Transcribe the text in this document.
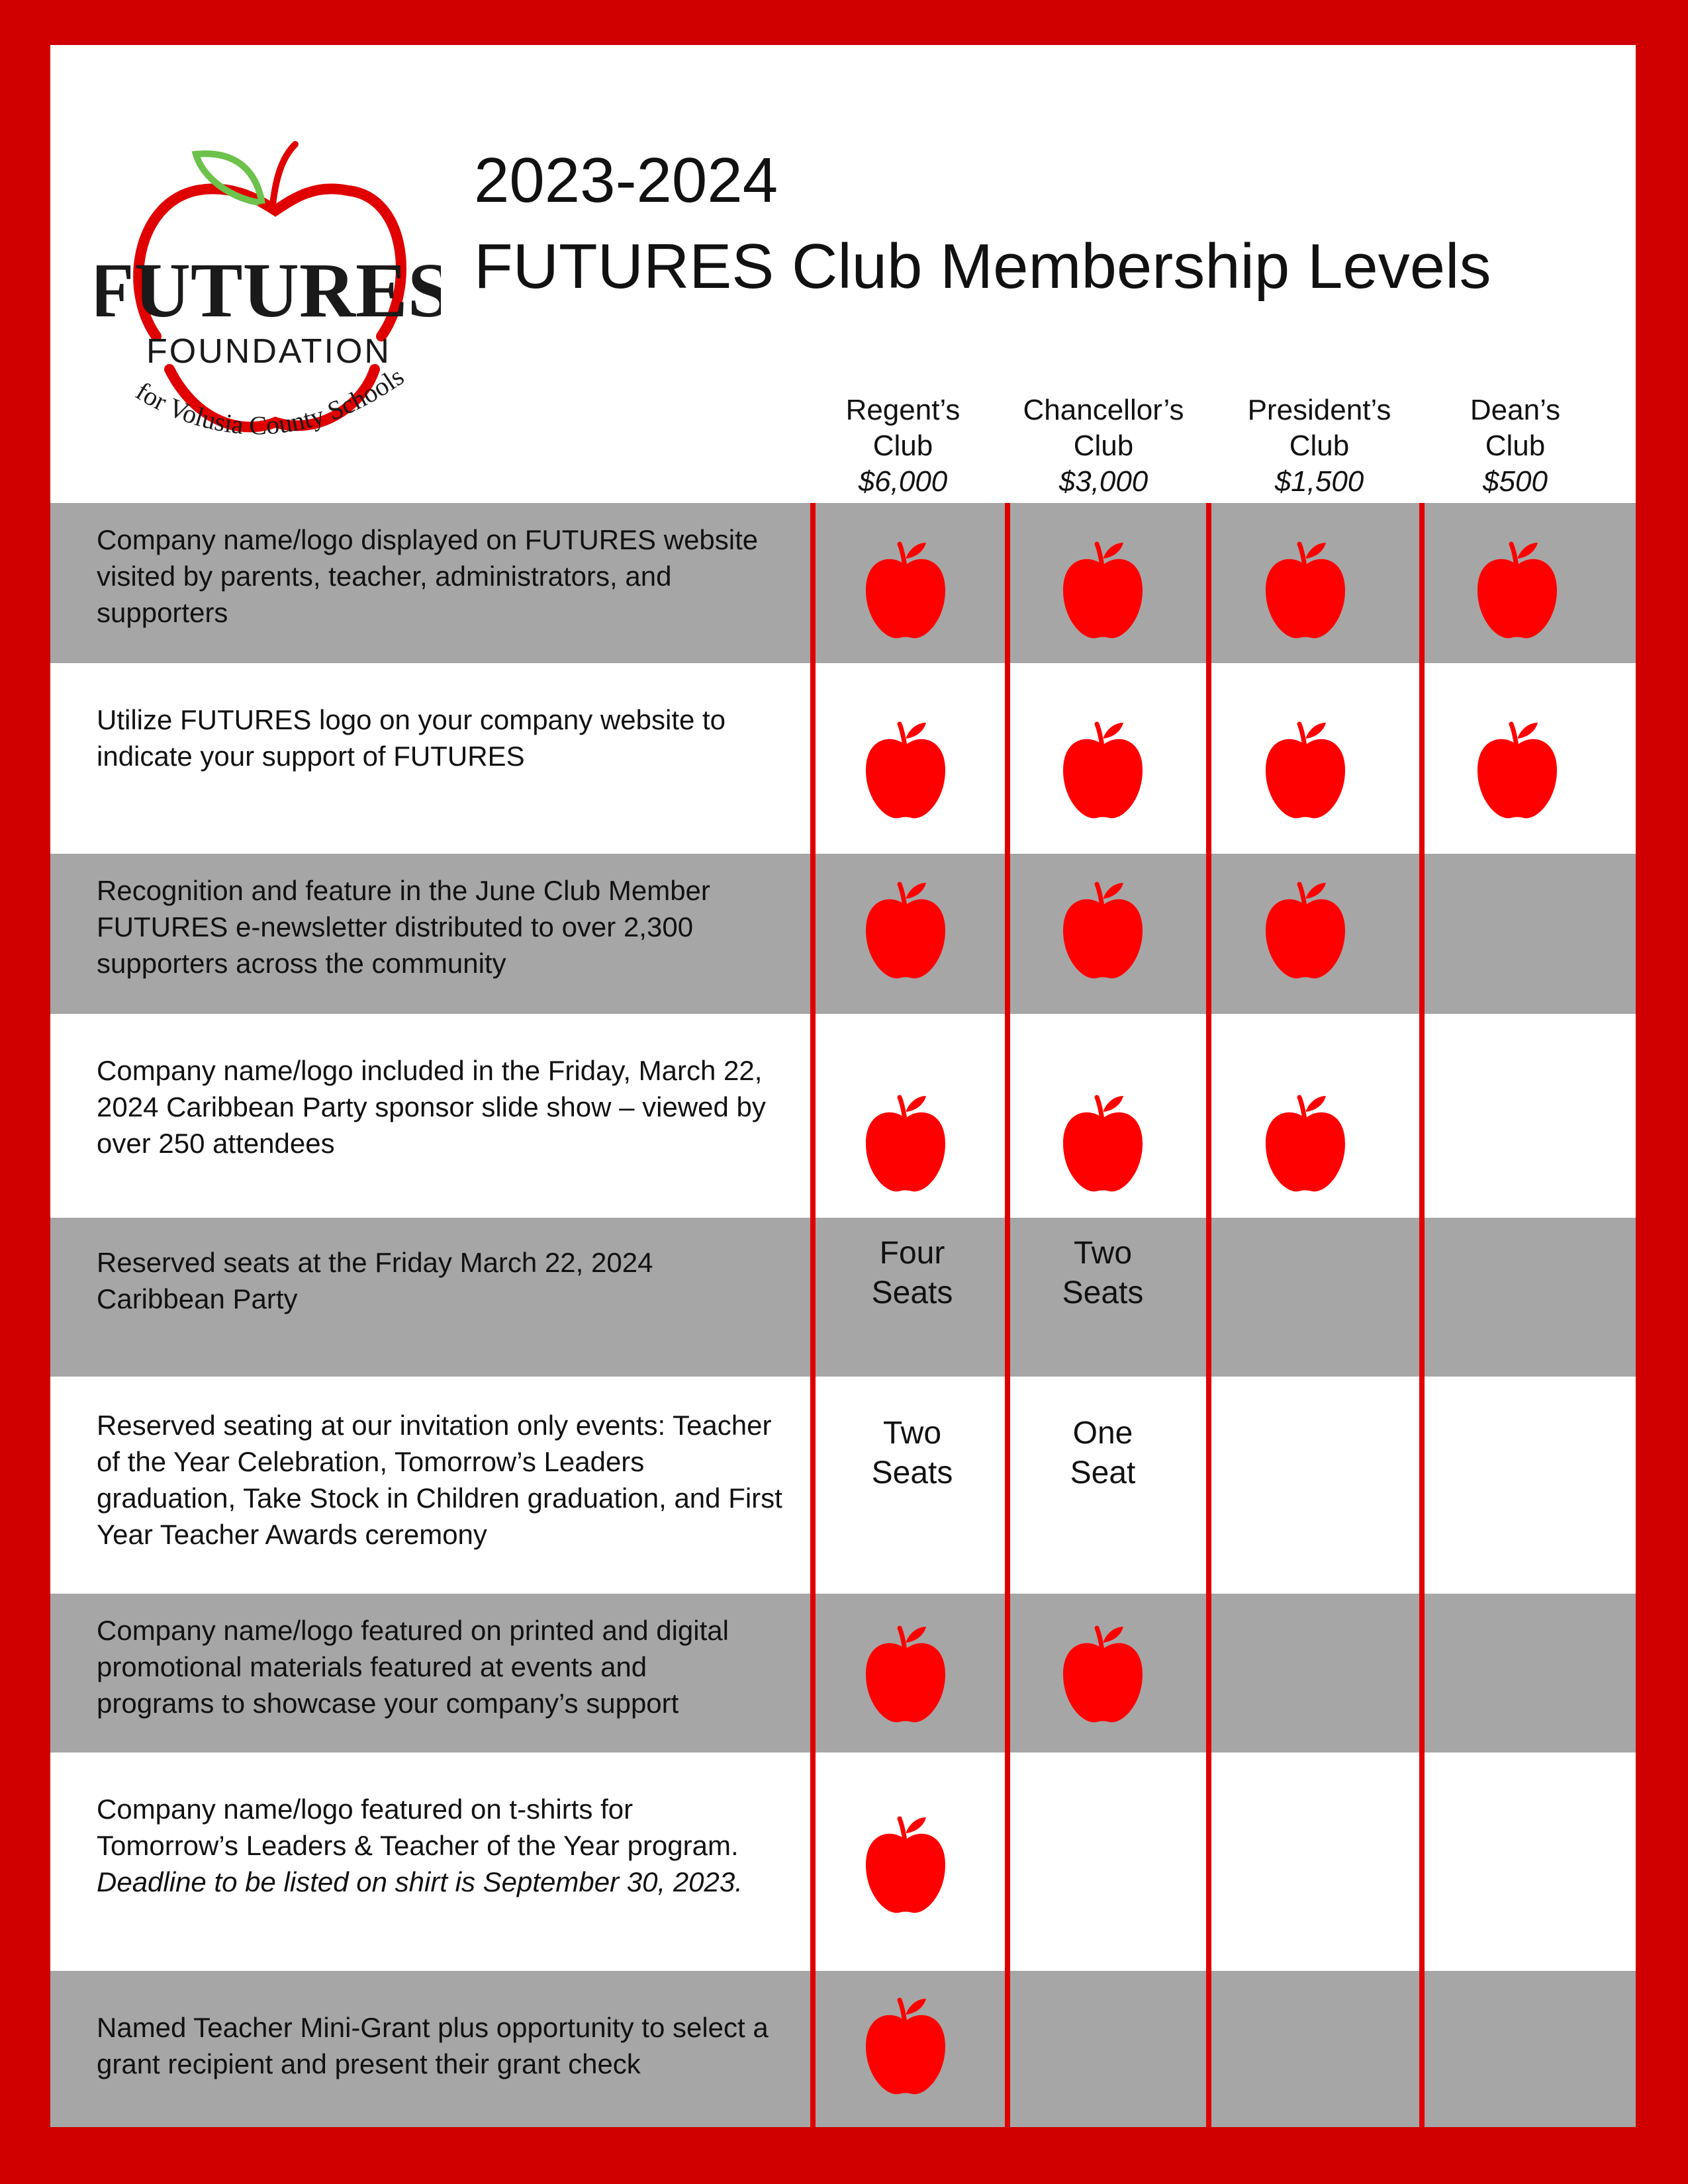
FUTURES
FOUNDATION
for Volusia County Schools
2023-2024
FUTURES Club Membership Levels
Regent’s
Club
$6,000
Chancellor’s
Club
$3,000
President’s
Club
$1,500
Dean’s
Club
$500
Company name/logo displayed on FUTURES website
visited by parents, teacher, administrators, and
supporters
Utilize FUTURES logo on your company website to
indicate your support of FUTURES
Recognition and feature in the June Club Member
FUTURES e-newsletter distributed to over 2,300
supporters across the community
Company name/logo included in the Friday, March 22,
2024 Caribbean Party sponsor slide show – viewed by
over 250 attendees
Reserved seats at the Friday March 22, 2024
Caribbean Party
Four
Seats
Two
Seats
Reserved seating at our invitation only events: Teacher
of the Year Celebration, Tomorrow’s Leaders
graduation, Take Stock in Children graduation, and First
Year Teacher Awards ceremony
Two
Seats
One
Seat
Company name/logo featured on printed and digital
promotional materials featured at events and
programs to showcase your company’s support
Company name/logo featured on t-shirts for
Tomorrow’s Leaders & Teacher of the Year program.
Deadline to be listed on shirt is September 30, 2023.
Named Teacher Mini-Grant plus opportunity to select a
grant recipient and present their grant check
